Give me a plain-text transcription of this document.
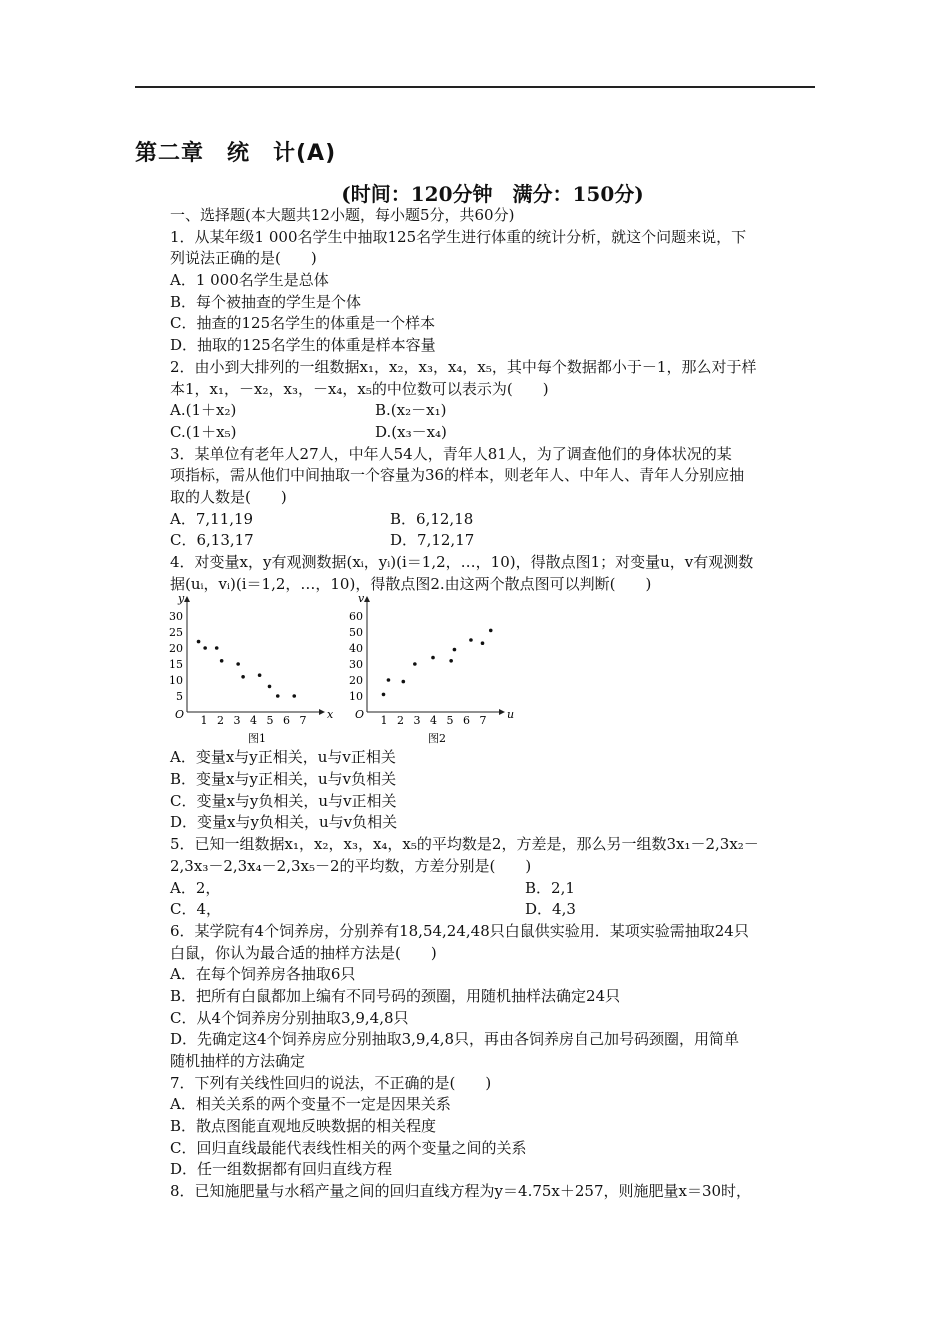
第二章　统　计(A)
(时间：120分钟　满分：150分)
一、选择题(本大题共12小题，每小题5分，共60分)
1．从某年级1 000名学生中抽取125名学生进行体重的统计分析，就这个问题来说，下
列说法正确的是(　　)
A．1 000名学生是总体
B．每个被抽查的学生是个体
C．抽查的125名学生的体重是一个样本
D．抽取的125名学生的体重是样本容量
2．由小到大排列的一组数据x₁，x₂，x₃，x₄，x₅，其中每个数据都小于－1，那么对于样
本1，x₁，－x₂，x₃，－x₄，x₅的中位数可以表示为(　　)
A.(1＋x₂)	B.(x₂－x₁)
C.(1＋x₅)	D.(x₃－x₄)
3．某单位有老年人27人，中年人54人，青年人81人，为了调查他们的身体状况的某
项指标，需从他们中间抽取一个容量为36的样本，则老年人、中年人、青年人分别应抽
取的人数是(　　)
A．7,11,19	B．6,12,18
C．6,13,17	D．7,12,17
4．对变量x，y有观测数据(xᵢ，yᵢ)(i＝1,2，…，10)，得散点图1；对变量u，v有观测数
据(uᵢ，vᵢ)(i＝1,2，…，10)，得散点图2.由这两个散点图可以判断(　　)
O	x
y
1 2 3 4 5 6 7
5
10
15
20
25
30
图1
O	u
v
1 2 3 4 5 6 7
10
20
30
40
50
60
图2
A．变量x与y正相关，u与v正相关
B．变量x与y正相关，u与v负相关
C．变量x与y负相关，u与v正相关
D．变量x与y负相关，u与v负相关
5．已知一组数据x₁，x₂，x₃，x₄，x₅的平均数是2，方差是，那么另一组数3x₁－2,3x₂－
2,3x₃－2,3x₄－2,3x₅－2的平均数，方差分别是(　　)
A．2，	B．2,1
C．4，	D．4,3
6．某学院有4个饲养房，分别养有18,54,24,48只白鼠供实验用．某项实验需抽取24只
白鼠，你认为最合适的抽样方法是(　　)
A．在每个饲养房各抽取6只
B．把所有白鼠都加上编有不同号码的颈圈，用随机抽样法确定24只
C．从4个饲养房分别抽取3,9,4,8只
D．先确定这4个饲养房应分别抽取3,9,4,8只，再由各饲养房自己加号码颈圈，用简单
随机抽样的方法确定
7．下列有关线性回归的说法，不正确的是(　　)
A．相关关系的两个变量不一定是因果关系
B．散点图能直观地反映数据的相关程度
C．回归直线最能代表线性相关的两个变量之间的关系
D．任一组数据都有回归直线方程
8．已知施肥量与水稻产量之间的回归直线方程为y＝4.75x＋257，则施肥量x＝30时，
